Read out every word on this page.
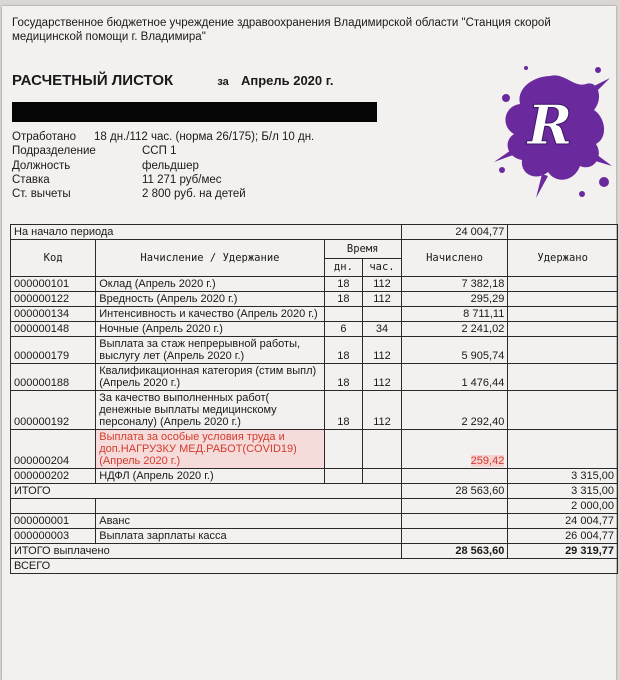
Государственное бюджетное учреждение здравоохранения Владимирской области "Станция скорой медицинской помощи г. Владимира"
РАСЧЕТНЫЙ ЛИСТОК	за Апрель 2020 г.
Отработано	18 дн./112 час. (норма 26/175); Б/л 10 дн.
Подразделение	ССП 1
Должность	фельдшер
Ставка	11 271 руб/мес
Ст. вычеты	2 800 руб. на детей
R
На начало периода				24 004,77	
Код	Начисление / Удержание	Время		Начислено	Удержано
		дн.	час.		
000000101	Оклад (Апрель 2020 г.)	18	112	7 382,18	
000000122	Вредность (Апрель 2020 г.)	18	112	295,29	
000000134	Интенсивность и качество (Апрель 2020 г.)			8 711,11	
000000148	Ночные (Апрель 2020 г.)	6	34	2 241,02	
000000179	Выплата за стаж непрерывной работы, выслугу лет (Апрель 2020 г.)	18	112	5 905,74	
000000188	Квалификационная категория (стим выпл) (Апрель 2020 г.)	18	112	1 476,44	
000000192	За качество выполненных работ( денежные выплаты медицинскому персоналу) (Апрель 2020 г.)	18	112	2 292,40	
000000204	Выплата за особые условия труда и доп.НАГРУЗКУ МЕД.РАБОТ(COVID19) (Апрель 2020 г.)			259,42	
000000202	НДФЛ (Апрель 2020 г.)				3 315,00
ИТОГО				28 563,60	3 315,00
					2 000,00
000000001	Аванс				24 004,77
000000003	Выплата зарплаты касса				26 004,77
ИТОГО выплачено				28 563,60	29 319,77
ВСЕГО					
